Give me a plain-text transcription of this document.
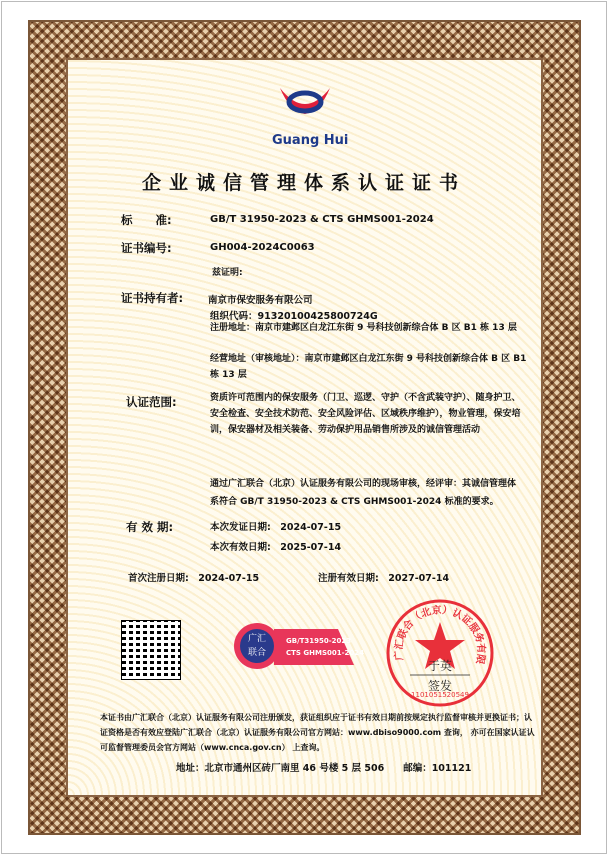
Guang Hui
企业诚信管理体系认证证书
标　　准:	GB/T 31950-2023 & CTS GHMS001-2024
证书编号:	GH004-2024C0063
兹证明:
证书持有者:	南京市保安服务有限公司
组织代码：91320100425800724G
注册地址：南京市建邺区白龙江东街 9 号科技创新综合体 B 区 B1 栋 13 层
经营地址（审核地址）：南京市建邺区白龙江东街 9 号科技创新综合体 B 区 B1 栋 13 层
认证范围:	资质许可范围内的保安服务（门卫、巡逻、守护（不含武装守护）、随身护卫、安全检查、安全技术防范、安全风险评估、区域秩序维护），物业管理，保安培训，保安器材及相关装备、劳动保护用品销售所涉及的诚信管理活动
通过广汇联合（北京）认证服务有限公司的现场审核，经评审：其诚信管理体系符合 GB/T 31950-2023 & CTS GHMS001-2024 标准的要求。
有 效 期:	本次发证日期:　2024-07-15
本次有效日期:　2025-07-14
首次注册日期:　2024-07-15	注册有效日期:　2027-07-14
广汇联合
GB/T31950-2023
CTS GHMS001-2024	广汇联合（北京）认证服务有限
1101051520549
于英
签发
本证书由广汇联合（北京）认证服务有限公司注册颁发，获证组织应于证书有效日期前按规定执行监督审核并更换证书；认证资格是否有效应登陆广汇联合（北京）认证服务有限公司官方网站：www.dbiso9000.com 查询， 亦可在国家认证认可监督管理委员会官方网站（www.cnca.gov.cn） 上查询。
地址：北京市通州区砖厂南里 46 号楼 5 层 506　　邮编：101121
